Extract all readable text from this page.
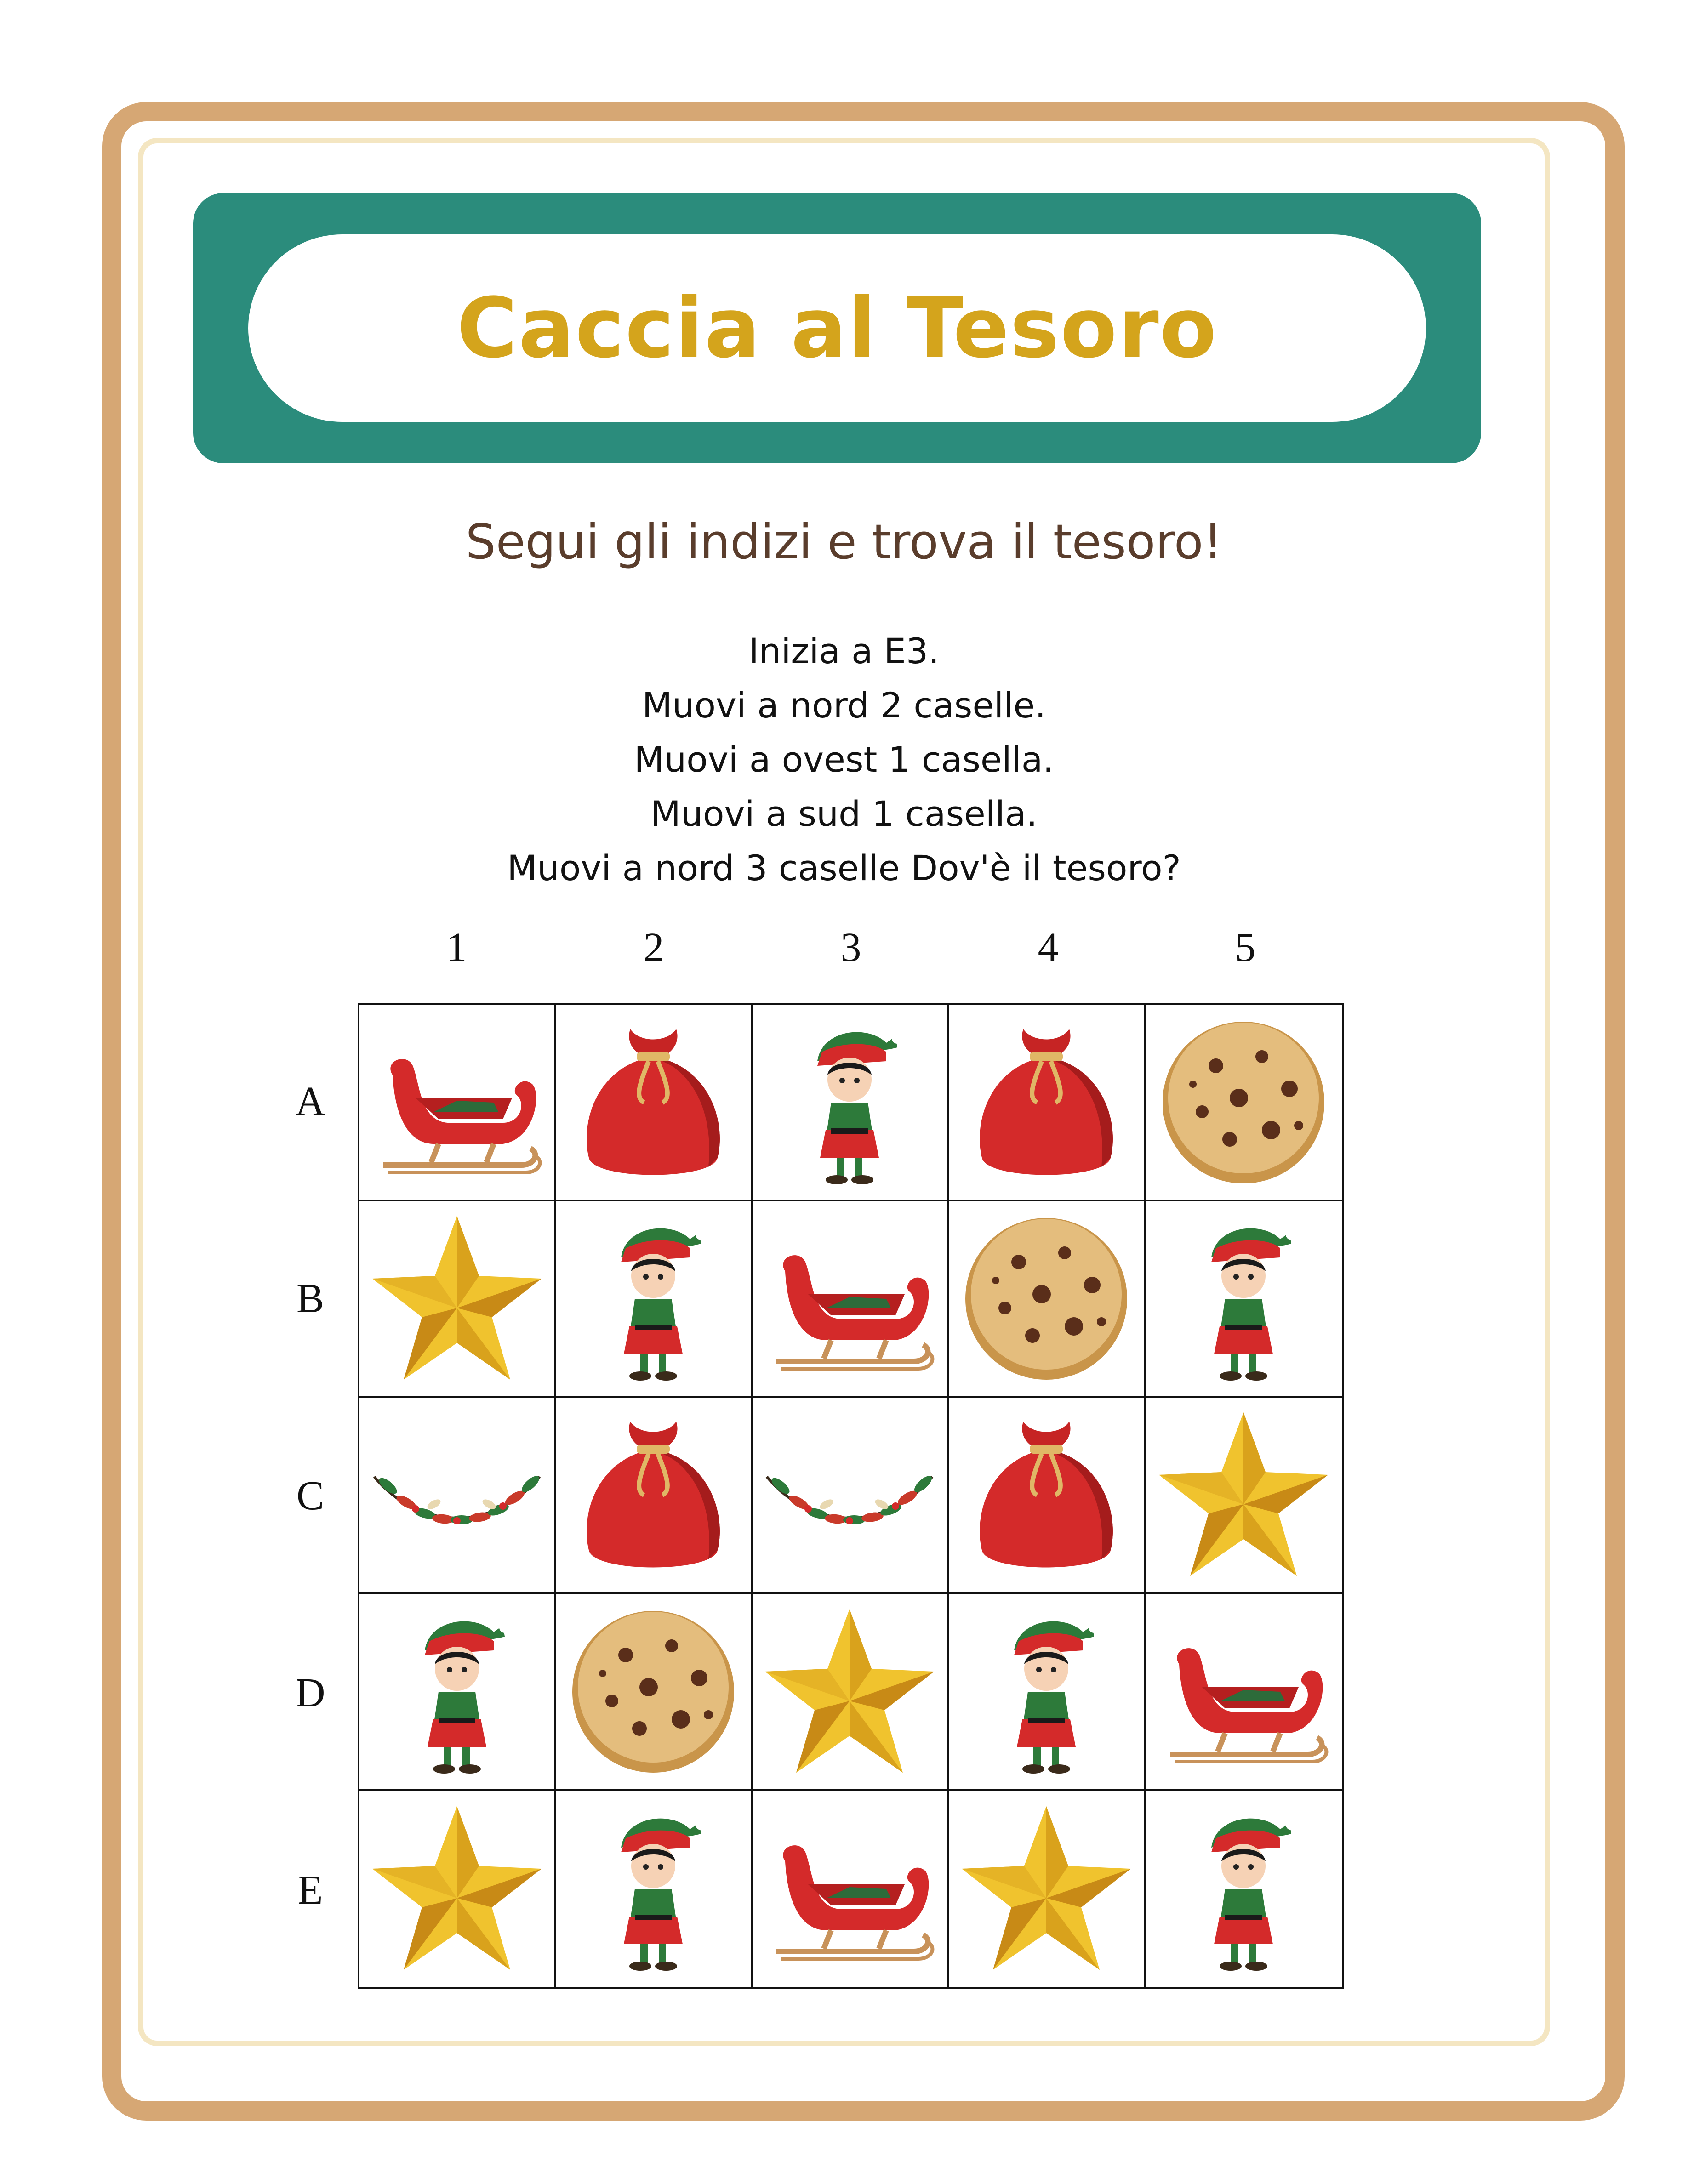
Caccia al Tesoro
Segui gli indizi e trova il tesoro!
Inizia a E3.
Muovi a nord 2 caselle.
Muovi a ovest 1 casella.
Muovi a sud 1 casella.
Muovi a nord 3 caselle Dov'è il tesoro?
1	2	3	4	5
A
B
C
D
E
